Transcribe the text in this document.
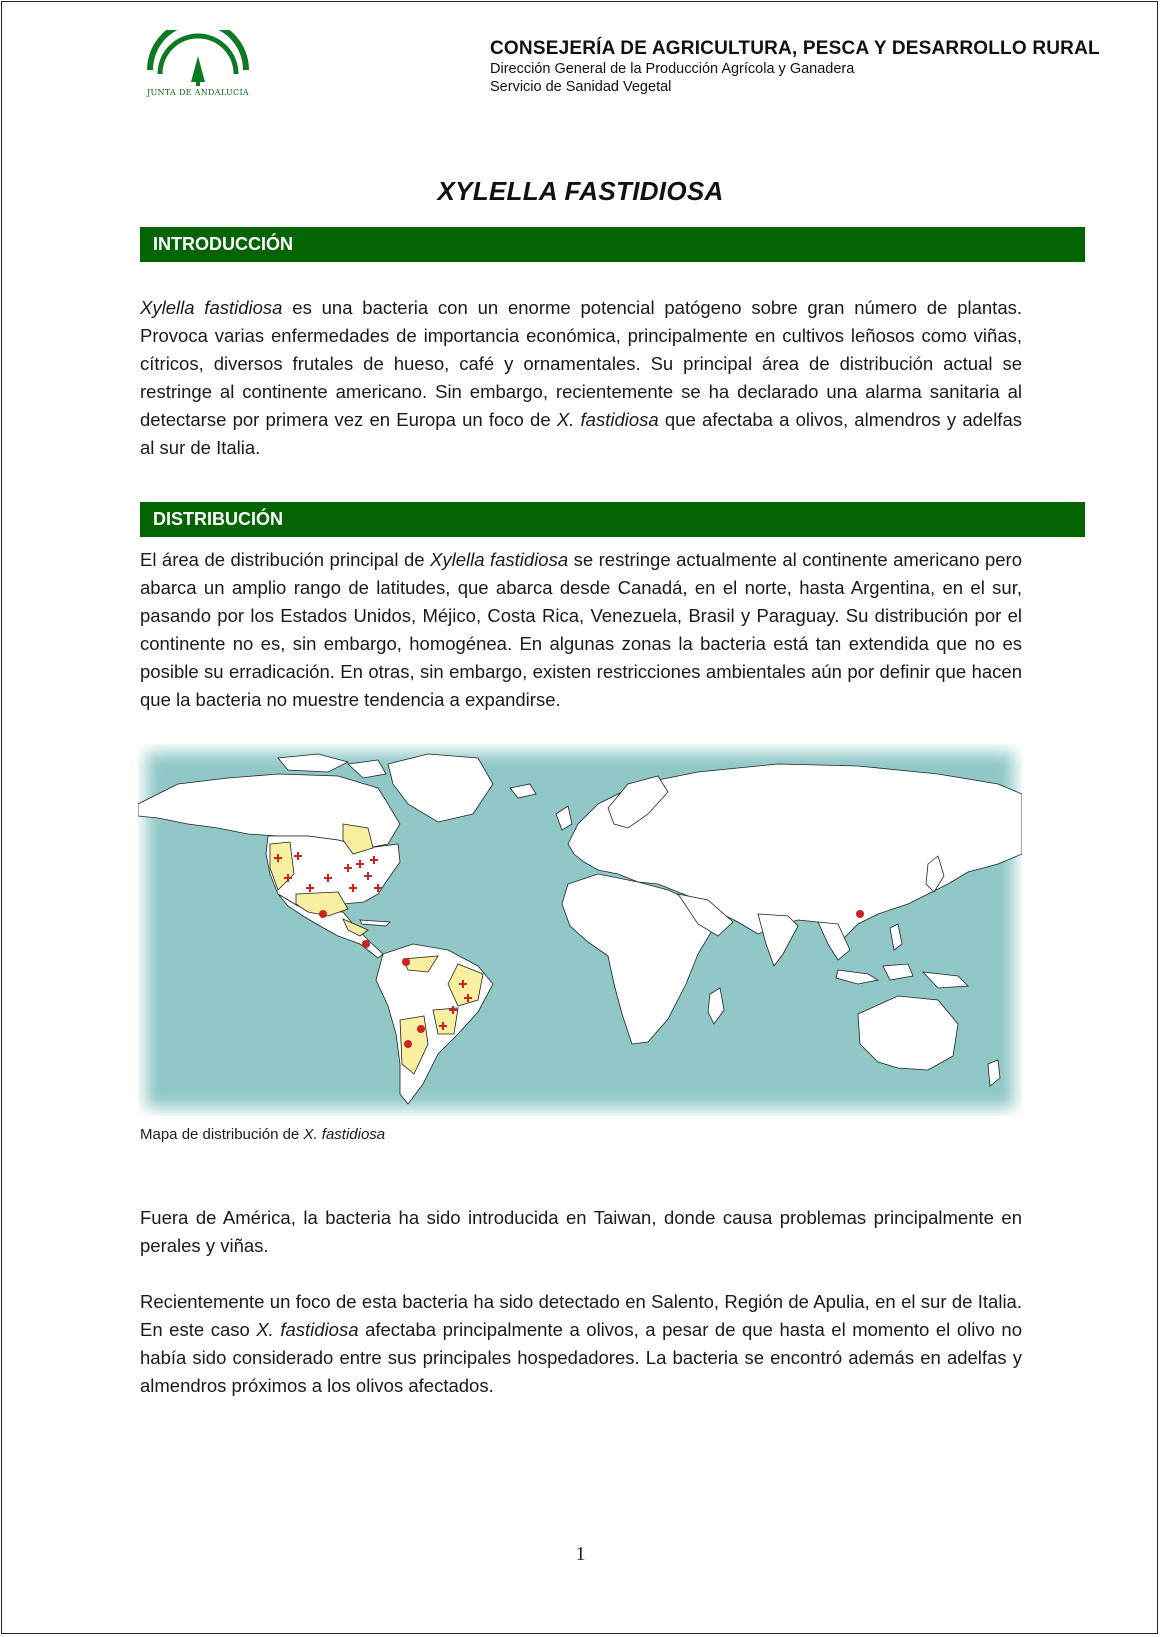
JUNTA DE ANDALUCIA
CONSEJERÍA DE AGRICULTURA, PESCA Y DESARROLLO RURAL
Dirección General de la Producción Agrícola y Ganadera
Servicio de Sanidad Vegetal
XYLELLA FASTIDIOSA
INTRODUCCIÓN
Xylella fastidiosa es una bacteria con un enorme potencial patógeno sobre gran número de plantas. Provoca varias enfermedades de importancia económica, principalmente en cultivos leñosos como viñas, cítricos, diversos frutales de hueso, café y ornamentales. Su principal área de distribución actual se restringe al continente americano. Sin embargo, recientemente se ha declarado una alarma sanitaria al detectarse por primera vez en Europa un foco de X. fastidiosa que afectaba a olivos, almendros y adelfas al sur de Italia.
DISTRIBUCIÓN
El área de distribución principal de Xylella fastidiosa se restringe actualmente al continente americano pero abarca un amplio rango de latitudes, que abarca desde Canadá, en el norte, hasta Argentina, en el sur, pasando por los Estados Unidos, Méjico, Costa Rica, Venezuela, Brasil y Paraguay. Su distribución por el continente no es, sin embargo, homogénea. En algunas zonas la bacteria está tan extendida que no es posible su erradicación. En otras, sin embargo, existen restricciones ambientales aún por definir que hacen que la bacteria no muestre tendencia a expandirse.
Mapa de distribución de X. fastidiosa
Fuera de América, la bacteria ha sido introducida en Taiwan, donde causa problemas principalmente en perales y viñas.
Recientemente un foco de esta bacteria ha sido detectado en Salento, Región de Apulia, en el sur de Italia. En este caso X. fastidiosa afectaba principalmente a olivos, a pesar de que hasta el momento el olivo no había sido considerado entre sus principales hospedadores. La bacteria se encontró además en adelfas y almendros próximos a los olivos afectados.
1
